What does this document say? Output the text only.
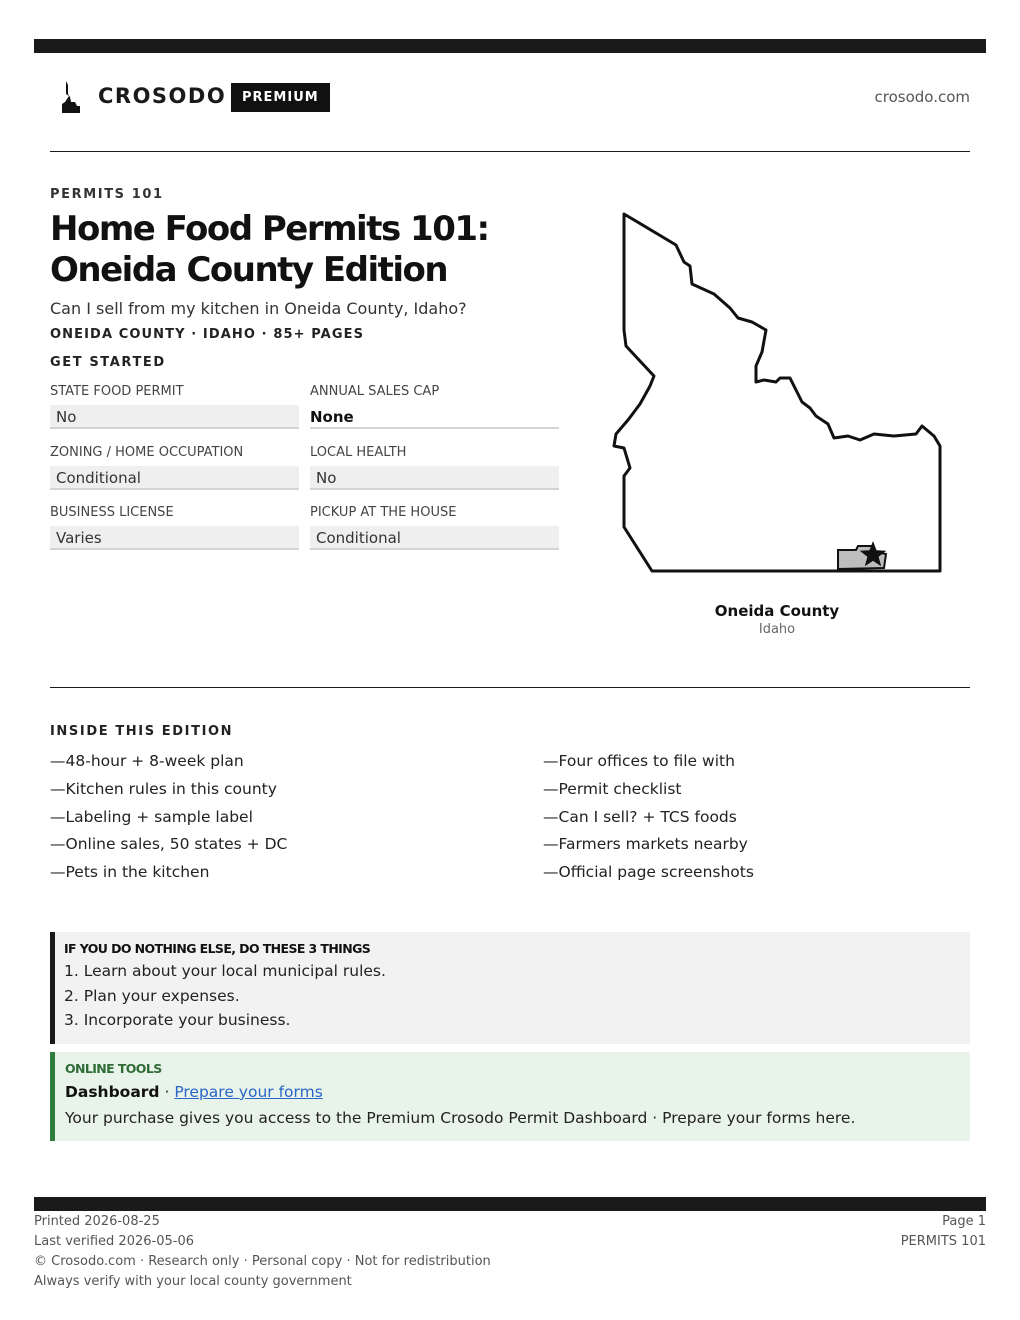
CROSODO	PREMIUM	crosodo.com
PERMITS 101
Home Food Permits 101: Oneida County Edition
Can I sell from my kitchen in Oneida County, Idaho?
ONEIDA COUNTY · IDAHO · 85+ PAGES
GET STARTED
STATE FOOD PERMIT
No
ANNUAL SALES CAP
None
ZONING / HOME OCCUPATION
Conditional
LOCAL HEALTH
No
BUSINESS LICENSE
Varies
PICKUP AT THE HOUSE
Conditional
Oneida County
Idaho
INSIDE THIS EDITION
—48-hour + 8-week plan
—Kitchen rules in this county
—Labeling + sample label
—Online sales, 50 states + DC
—Pets in the kitchen
—Four offices to file with
—Permit checklist
—Can I sell? + TCS foods
—Farmers markets nearby
—Official page screenshots
IF YOU DO NOTHING ELSE, DO THESE 3 THINGS
1. Learn about your local municipal rules.
2. Plan your expenses.
3. Incorporate your business.
ONLINE TOOLS
Dashboard · Prepare your forms
Your purchase gives you access to the Premium Crosodo Permit Dashboard · Prepare your forms here.
Printed 2026-08-25
Last verified 2026-05-06
© Crosodo.com · Research only · Personal copy · Not for redistribution
Always verify with your local county government
Page 1
PERMITS 101
